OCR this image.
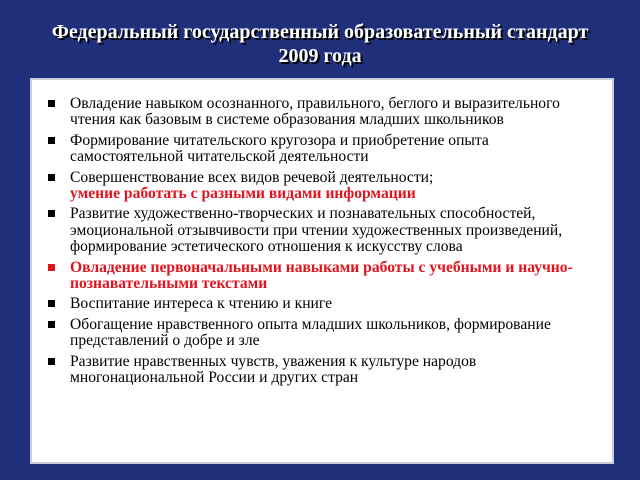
Федеральный государственный образовательный стандарт
2009 года
Овладение навыком осознанного, правильного, беглого и выразительного чтения как базовым в системе образования младших школьников
Формирование читательского кругозора и приобретение опыта самостоятельной читательской деятельности
Совершенствование всех видов речевой деятельности;
умение работать с разными видами информации
Развитие художественно-творческих и познавательных способностей, эмоциональной отзывчивости при чтении художественных произведений, формирование эстетического отношения к искусству слова
Овладение первоначальными навыками работы с учебными и научно-познавательными текстами
Воспитание интереса к чтению и книге
Обогащение нравственного опыта младших школьников, формирование представлений о добре и зле
Развитие нравственных чувств, уважения к культуре народов многонациональной России и других стран
